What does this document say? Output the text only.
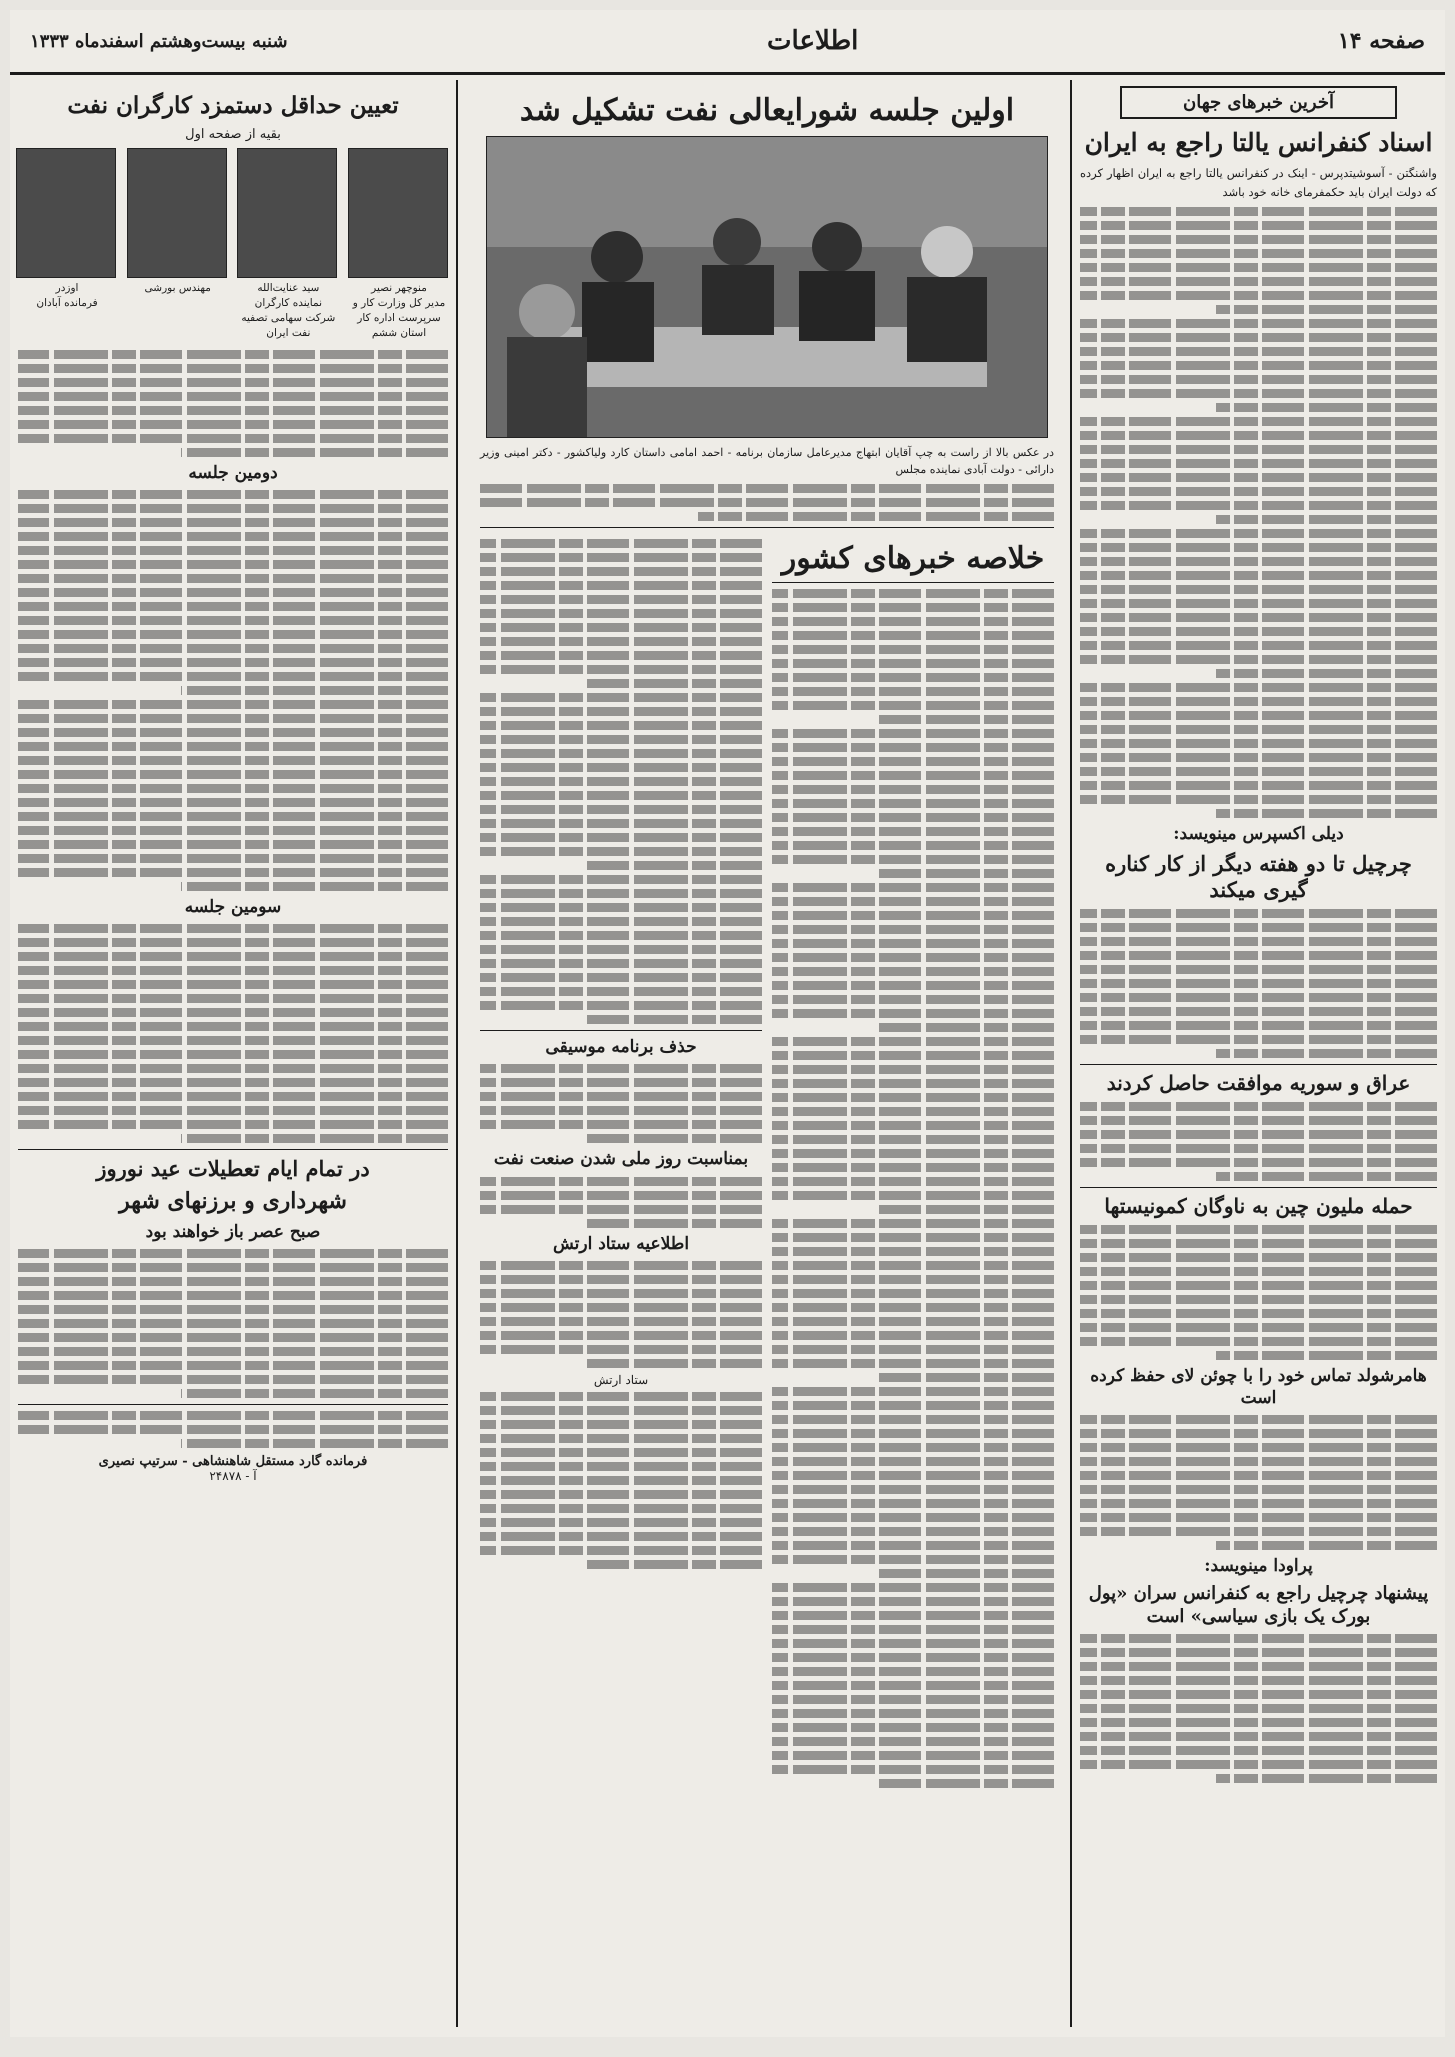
صفحه ۱۴
اطلاعات
شنبه بیست‌وهشتم اسفندماه ۱۳۳۳
آخرین خبرهای جهان
اسناد کنفرانس یالتا راجع به ایران

واشنگتن - آسوشیتدپرس - اینک در کنفرانس یالتا راجع به ایران اظهار کرده که دولت ایران باید حکمفرمای خانه خود باشد

دیلی اکسپرس مینویسد:
چرچیل تا دو هفته دیگر از کار کناره گیری میکند
عراق و سوریه موافقت حاصل کردند
حمله ملیون چین به ناوگان کمونیستها
هامرشولد تماس خود را با چوئن لای حفظ کرده است
پراودا مینویسد:
پیشنهاد چرچیل راجع به کنفرانس سران «پول بورک یک بازی سیاسی» است
اولین جلسه شورایعالی نفت تشکیل شد

در عکس بالا از راست به چپ آقایان ابتهاج مدیرعامل سازمان برنامه - احمد امامی داستان کارد ولیاکشور - دکتر امینی وزیر دارائی - دولت آبادی نماینده مجلس

خلاصه خبرهای کشور
حذف برنامه موسیقی
بمناسبت روز ملی شدن صنعت نفت
اطلاعیه ستاد ارتش
ستاد ارتش
تعیین حداقل دستمزد کارگران نفت
بقیه از صفحه اول
منوچهر نصیر
مدیر کل وزارت کار و سرپرست اداره کار استان ششم
سید عنایت‌الله
نماینده کارگران شرکت سهامی تصفیه نفت ایران
مهندس بورشی
اوزدر
فرمانده آبادان
دومین جلسه
سومین جلسه
در تمام ایام تعطیلات عید نوروز
شهرداری و برزنهای شهر
صبح عصر باز خواهند بود
فرمانده گارد مستقل شاهنشاهی - سرتیپ نصیری
آ - ۲۴۸۷۸
